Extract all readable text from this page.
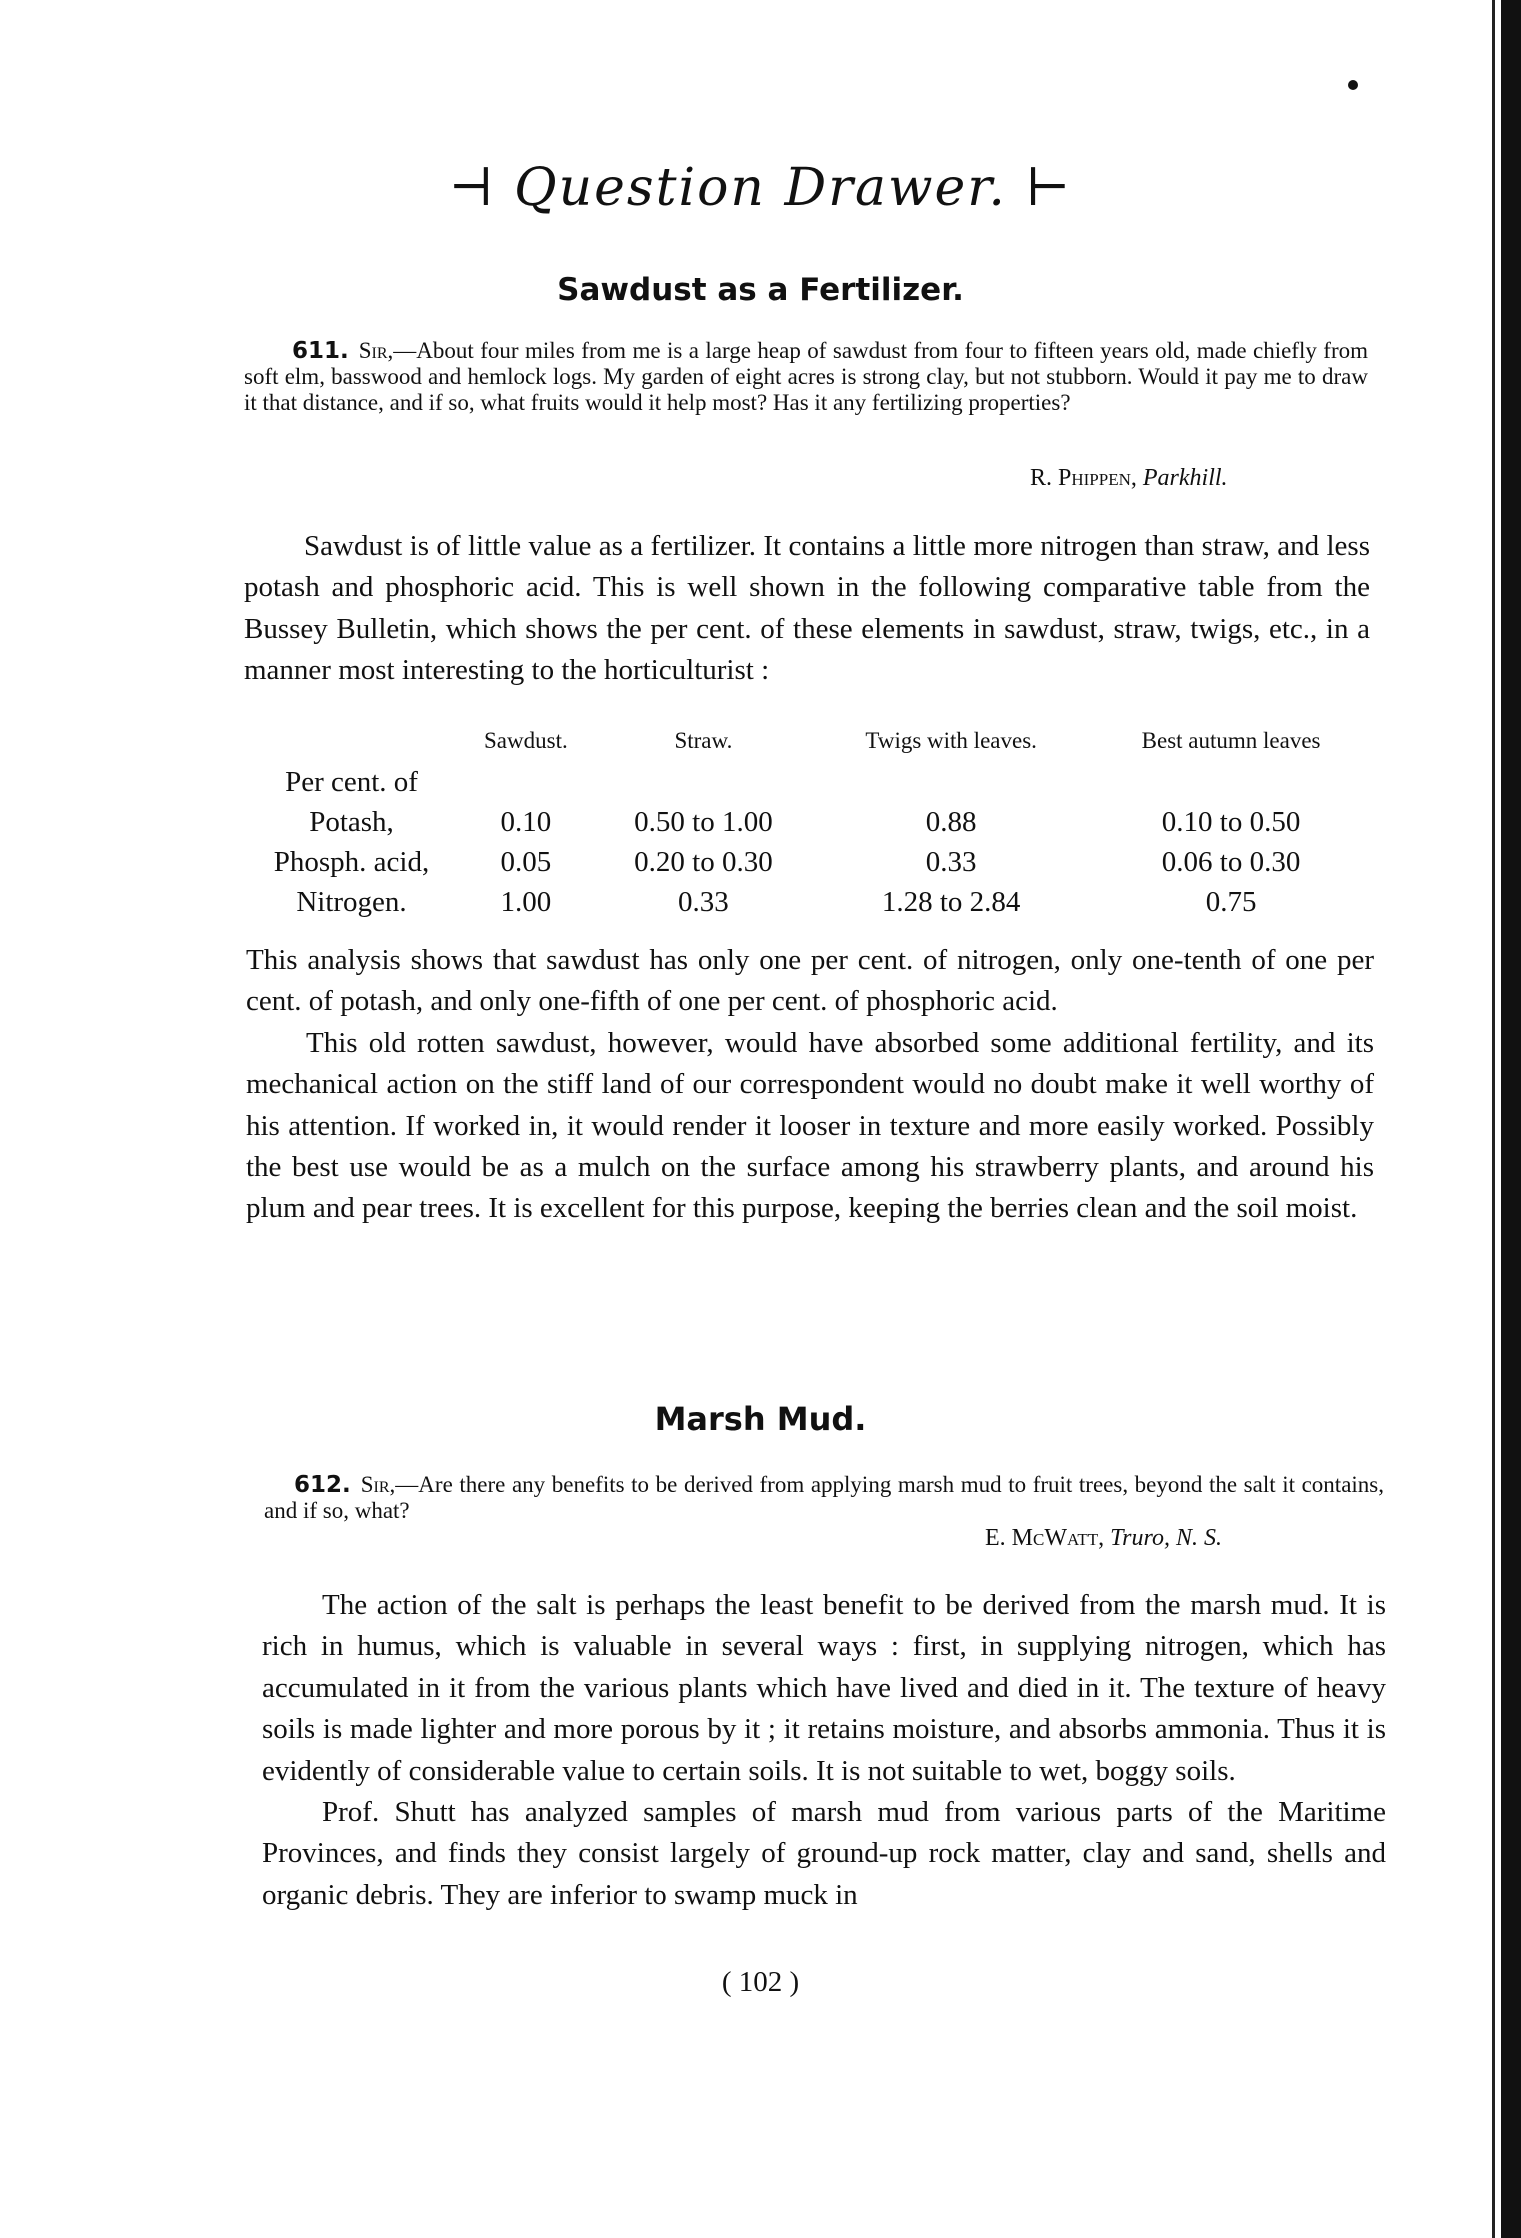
⊣ Question Drawer. ⊢
Sawdust as a Fertilizer.

611. Sir,—About four miles from me is a large heap of sawdust from four to fifteen years old, made chiefly from soft elm, basswood and hemlock logs. My garden of eight acres is strong clay, but not stubborn. Would it pay me to draw it that distance, and if so, what fruits would it help most? Has it any fertilizing properties?

R. Phippen, Parkhill.

Sawdust is of little value as a fertilizer. It contains a little more nitrogen than straw, and less potash and phosphoric acid. This is well shown in the following comparative table from the Bussey Bulletin, which shows the per cent. of these elements in sawdust, straw, twigs, etc., in a manner most interesting to the horticulturist :

	Sawdust.	Straw.	Twigs with leaves.	Best autumn leaves
Per cent. of				
Potash,	0.10	0.50 to 1.00	0.88	0.10 to 0.50
Phosph. acid,	0.05	0.20 to 0.30	0.33	0.06 to 0.30
Nitrogen.	1.00	0.33	1.28 to 2.84	0.75

This analysis shows that sawdust has only one per cent. of nitrogen, only one-tenth of one per cent. of potash, and only one-fifth of one per cent. of phosphoric acid.

This old rotten sawdust, however, would have absorbed some additional fertility, and its mechanical action on the stiff land of our correspondent would no doubt make it well worthy of his attention. If worked in, it would render it looser in texture and more easily worked. Possibly the best use would be as a mulch on the surface among his strawberry plants, and around his plum and pear trees. It is excellent for this purpose, keeping the berries clean and the soil moist.

Marsh Mud.

612. Sir,—Are there any benefits to be derived from applying marsh mud to fruit trees, beyond the salt it contains, and if so, what?

E. McWatt, Truro, N. S.

The action of the salt is perhaps the least benefit to be derived from the marsh mud. It is rich in humus, which is valuable in several ways : first, in supplying nitrogen, which has accumulated in it from the various plants which have lived and died in it. The texture of heavy soils is made lighter and more porous by it ; it retains moisture, and absorbs ammonia. Thus it is evidently of considerable value to certain soils. It is not suitable to wet, boggy soils.

Prof. Shutt has analyzed samples of marsh mud from various parts of the Maritime Provinces, and finds they consist largely of ground-up rock matter, clay and sand, shells and organic debris. They are inferior to swamp muck in

( 102 )
